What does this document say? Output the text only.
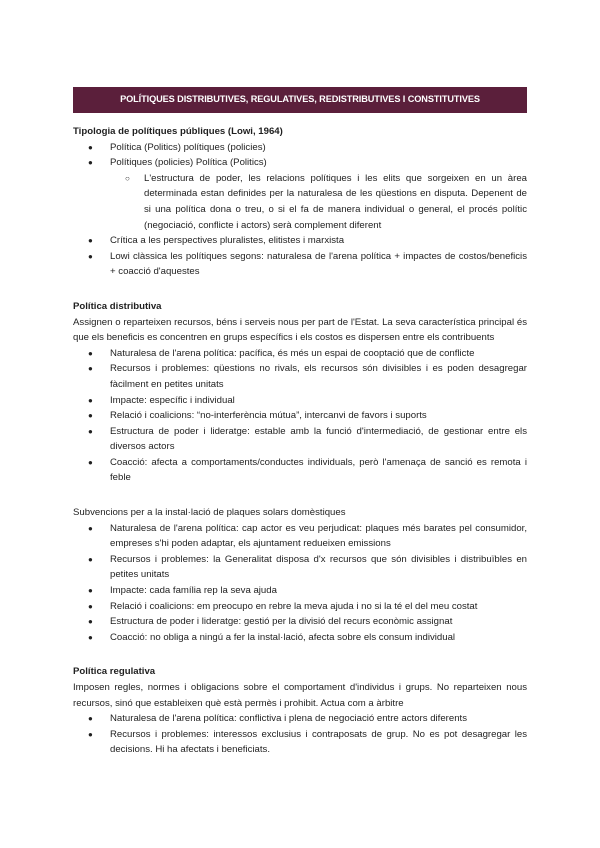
POLÍTIQUES DISTRIBUTIVES, REGULATIVES, REDISTRIBUTIVES I CONSTITUTIVES

Tipologia de polítiques públiques (Lowi, 1964)

● Política (Politics) polítiques (policies)
● Polítiques (policies) Política (Politics)
○ L'estructura de poder, les relacions polítiques i les elits que sorgeixen en un àrea determinada estan definides per la naturalesa de les qüestions en disputa. Depenent de si una política dona o treu, o si el fa de manera individual o general, el procés polític (negociació, conflicte i actors) serà complement diferent
● Crítica a les perspectives pluralistes, elitistes i marxista
● Lowi clàssica les polítiques segons: naturalesa de l'arena política + impactes de costos/beneficis + coacció d'aquestes

Política distributiva

Assignen o reparteixen recursos, béns i serveis nous per part de l'Estat. La seva característica principal és que els beneficis es concentren en grups específics i els costos es dispersen entre els contribuents

● Naturalesa de l'arena política: pacífica, és més un espai de cooptació que de conflicte
● Recursos i problemes: qüestions no rivals, els recursos són divisibles i es poden desagregar fàcilment en petites unitats
● Impacte: específic i individual
● Relació i coalicions: “no-interferència mútua”, intercanvi de favors i suports
● Estructura de poder i lideratge: estable amb la funció d'intermediació, de gestionar entre els diversos actors
● Coacció: afecta a comportaments/conductes individuals, però l'amenaça de sanció es remota i feble

Subvencions per a la instal·lació de plaques solars domèstiques

● Naturalesa de l'arena política: cap actor es veu perjudicat: plaques més barates pel consumidor, empreses s'hi poden adaptar, els ajuntament redueixen emissions
● Recursos i problemes: la Generalitat disposa d'x recursos que són divisibles i distribuïbles en petites unitats
● Impacte: cada família rep la seva ajuda
● Relació i coalicions: em preocupo en rebre la meva ajuda i no si la té el del meu costat
● Estructura de poder i lideratge: gestió per la divisió del recurs econòmic assignat
● Coacció: no obliga a ningú a fer la instal·lació, afecta sobre els consum individual

Política regulativa

Imposen regles, normes i obligacions sobre el comportament d'individus i grups. No reparteixen nous recursos, sinó que estableixen què està permès i prohibit. Actua com a àrbitre

● Naturalesa de l'arena política: conflictiva i plena de negociació entre actors diferents
● Recursos i problemes: interessos exclusius i contraposats de grup. No es pot desagregar les decisions. Hi ha afectats i beneficiats.
